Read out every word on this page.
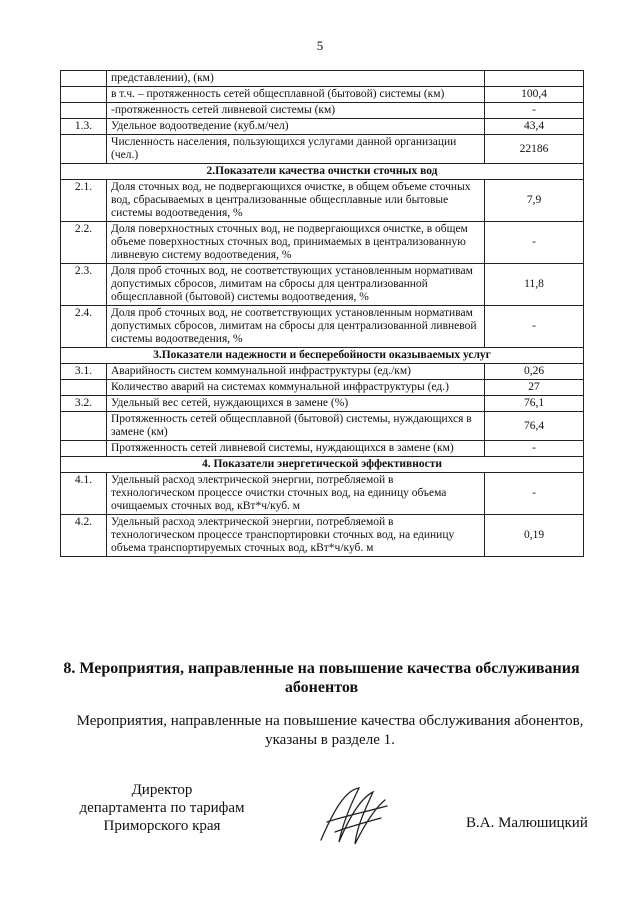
5
	представлении), (км)	
	в т.ч. – протяженность сетей общесплавной (бытовой) системы (км)	100,4
	-протяженность сетей ливневой системы (км)	-
1.3.	Удельное водоотведение (куб.м/чел)	43,4
	Численность населения, пользующихся услугами данной организации (чел.)	22186
2.Показатели качества очистки сточных вод		
2.1.	Доля сточных вод, не подвергающихся очистке, в общем объеме сточных вод, сбрасываемых в централизованные общесплавные или бытовые системы водоотведения, %	7,9
2.2.	Доля поверхностных сточных вод, не подвергающихся очистке, в общем объеме поверхностных сточных вод, принимаемых в централизованную ливневую систему водоотведения, %	-
2.3.	Доля проб сточных вод, не соответствующих установленным нормативам допустимых сбросов, лимитам на сбросы для централизованной общесплавной (бытовой) системы водоотведения, %	11,8
2.4.	Доля проб сточных вод, не соответствующих установленным нормативам допустимых сбросов, лимитам на сбросы для централизованной ливневой системы водоотведения, %	-
3.Показатели надежности и бесперебойности оказываемых услуг		
3.1.	Аварийность систем коммунальной инфраструктуры (ед./км)	0,26
	Количество аварий на системах коммунальной инфраструктуры (ед.)	27
3.2.	Удельный вес сетей, нуждающихся в замене (%)	76,1
	Протяженность сетей общесплавной (бытовой) системы, нуждающихся в замене (км)	76,4
	Протяженность сетей ливневой системы, нуждающихся в замене (км)	-
4. Показатели энергетической эффективности		
4.1.	Удельный расход электрической энергии, потребляемой в технологическом процессе очистки сточных вод, на единицу объема очищаемых сточных вод, кВт*ч/куб. м	-
4.2.	Удельный расход электрической энергии, потребляемой в технологическом процессе транспортировки сточных вод, на единицу объема транспортируемых сточных вод, кВт*ч/куб. м	0,19
8. Мероприятия, направленные на повышение качества обслуживания абонентов
Мероприятия, направленные на повышение качества обслуживания абонентов, указаны в разделе 1.
Директор
департамента по тарифам
Приморского края	В.А. Малюшицкий
